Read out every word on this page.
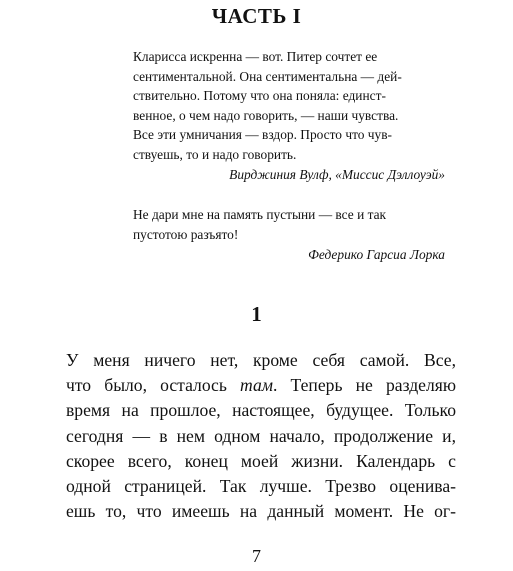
ЧАСТЬ I
Кларисса искренна — вот. Питер сочтет ее
сентиментальной. Она сентиментальна — дей-
ствительно. Потому что она поняла: единст-
венное, о чем надо говорить, — наши чувства.
Все эти умничания — вздор. Просто что чув-
ствуешь, то и надо говорить.
Вирджиния Вулф, «Миссис Дэллоуэй»
Не дари мне на память пустыни — все и так
пустотою разъято!
Федерико Гарсиа Лорка
1
У меня ничего нет, кроме себя самой. Все,
что было, осталось там. Теперь не разделяю
время на прошлое, настоящее, будущее. Только
сегодня — в нем одном начало, продолжение и,
скорее всего, конец моей жизни. Календарь с
одной страницей. Так лучше. Трезво оценива-
ешь то, что имеешь на данный момент. Не ог-
7
